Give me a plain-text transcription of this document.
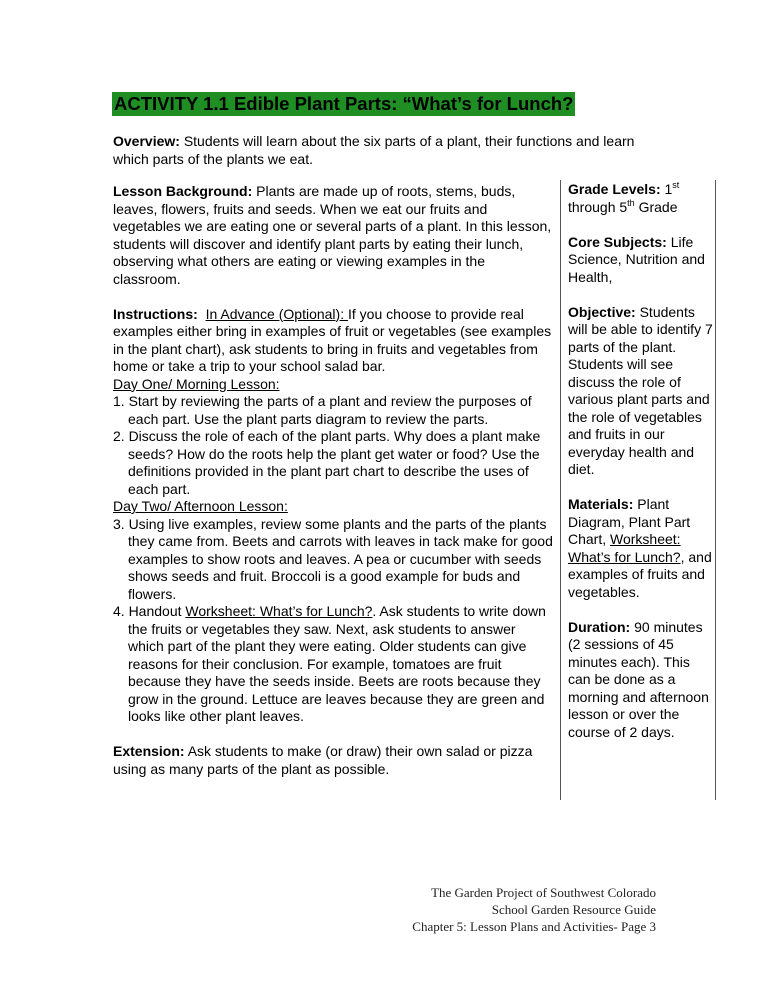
ACTIVITY 1.1 Edible Plant Parts: “What’s for Lunch?
Overview: Students will learn about the six parts of a plant, their functions and learn which parts of the plants we eat.

Lesson Background: Plants are made up of roots, stems, buds, leaves, flowers, fruits and seeds. When we eat our fruits and vegetables we are eating one or several parts of a plant. In this lesson, students will discover and identify plant parts by eating their lunch, observing what others are eating or viewing examples in the classroom.

Instructions: In Advance (Optional): If you choose to provide real examples either bring in examples of fruit or vegetables (see examples in the plant chart), ask students to bring in fruits and vegetables from home or take a trip to your school salad bar.

Day One/ Morning Lesson:

1. Start by reviewing the parts of a plant and review the purposes of each part. Use the plant parts diagram to review the parts.

2. Discuss the role of each of the plant parts. Why does a plant make seeds? How do the roots help the plant get water or food? Use the definitions provided in the plant part chart to describe the uses of each part.

Day Two/ Afternoon Lesson:

3. Using live examples, review some plants and the parts of the plants they came from. Beets and carrots with leaves in tack make for good examples to show roots and leaves. A pea or cucumber with seeds shows seeds and fruit. Broccoli is a good example for buds and flowers.

4. Handout Worksheet: What’s for Lunch?. Ask students to write down the fruits or vegetables they saw. Next, ask students to answer which part of the plant they were eating. Older students can give reasons for their conclusion. For example, tomatoes are fruit because they have the seeds inside. Beets are roots because they grow in the ground. Lettuce are leaves because they are green and looks like other plant leaves.

Extension: Ask students to make (or draw) their own salad or pizza using as many parts of the plant as possible.

Grade Levels: 1st through 5th Grade

Core Subjects: Life Science, Nutrition and Health,

Objective: Students will be able to identify 7 parts of the plant. Students will see discuss the role of various plant parts and the role of vegetables and fruits in our everyday health and diet.

Materials: Plant Diagram, Plant Part Chart, Worksheet: What’s for Lunch?, and examples of fruits and vegetables.

Duration: 90 minutes (2 sessions of 45 minutes each). This can be done as a morning and afternoon lesson or over the course of 2 days.

The Garden Project of Southwest Colorado
School Garden Resource Guide
Chapter 5: Lesson Plans and Activities- Page 3
